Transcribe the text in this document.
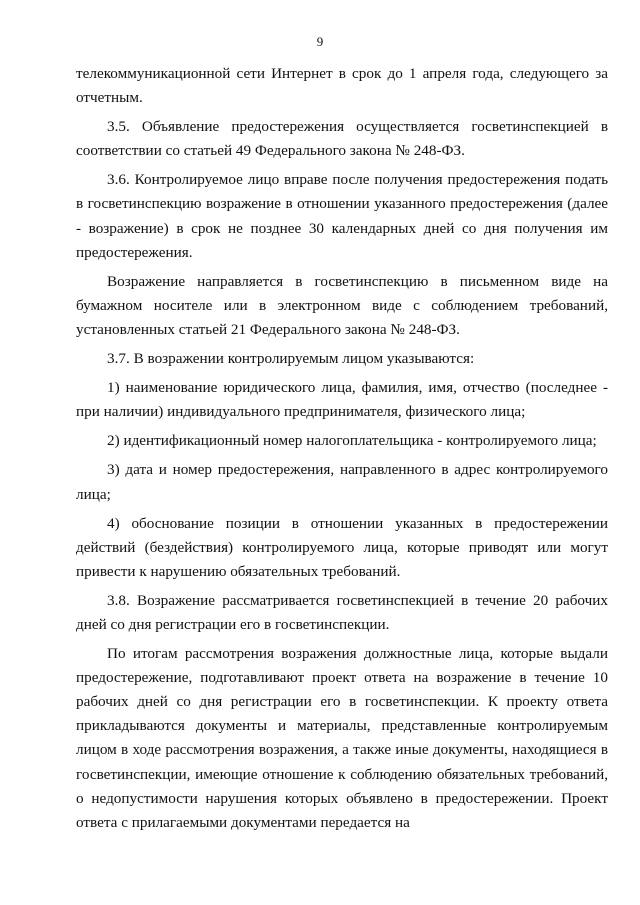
9

телекоммуникационной сети Интернет в срок до 1 апреля года, следующего за отчетным.

3.5. Объявление предостережения осуществляется госветинспекцией в соответствии со статьей 49 Федерального закона № 248-ФЗ.

3.6. Контролируемое лицо вправе после получения предостережения подать в госветинспекцию возражение в отношении указанного предостережения (далее - возражение) в срок не позднее 30 календарных дней со дня получения им предостережения.

Возражение направляется в госветинспекцию в письменном виде на бумажном носителе или в электронном виде с соблюдением требований, установленных статьей 21 Федерального закона № 248-ФЗ.

3.7. В возражении контролируемым лицом указываются:

1) наименование юридического лица, фамилия, имя, отчество (последнее - при наличии) индивидуального предпринимателя, физического лица;

2) идентификационный номер налогоплательщика - контролируемого лица;

3) дата и номер предостережения, направленного в адрес контролируемого лица;

4) обоснование позиции в отношении указанных в предостережении действий (бездействия) контролируемого лица, которые приводят или могут привести к нарушению обязательных требований.

3.8. Возражение рассматривается госветинспекцией в течение 20 рабочих дней со дня регистрации его в госветинспекции.

По итогам рассмотрения возражения должностные лица, которые выдали предостережение, подготавливают проект ответа на возражение в течение 10 рабочих дней со дня регистрации его в госветинспекции. К проекту ответа прикладываются документы и материалы, представленные контролируемым лицом в ходе рассмотрения возражения, а также иные документы, находящиеся в госветинспекции, имеющие отношение к соблюдению обязательных требований, о недопустимости нарушения которых объявлено в предостережении. Проект ответа с прилагаемыми документами передается на
